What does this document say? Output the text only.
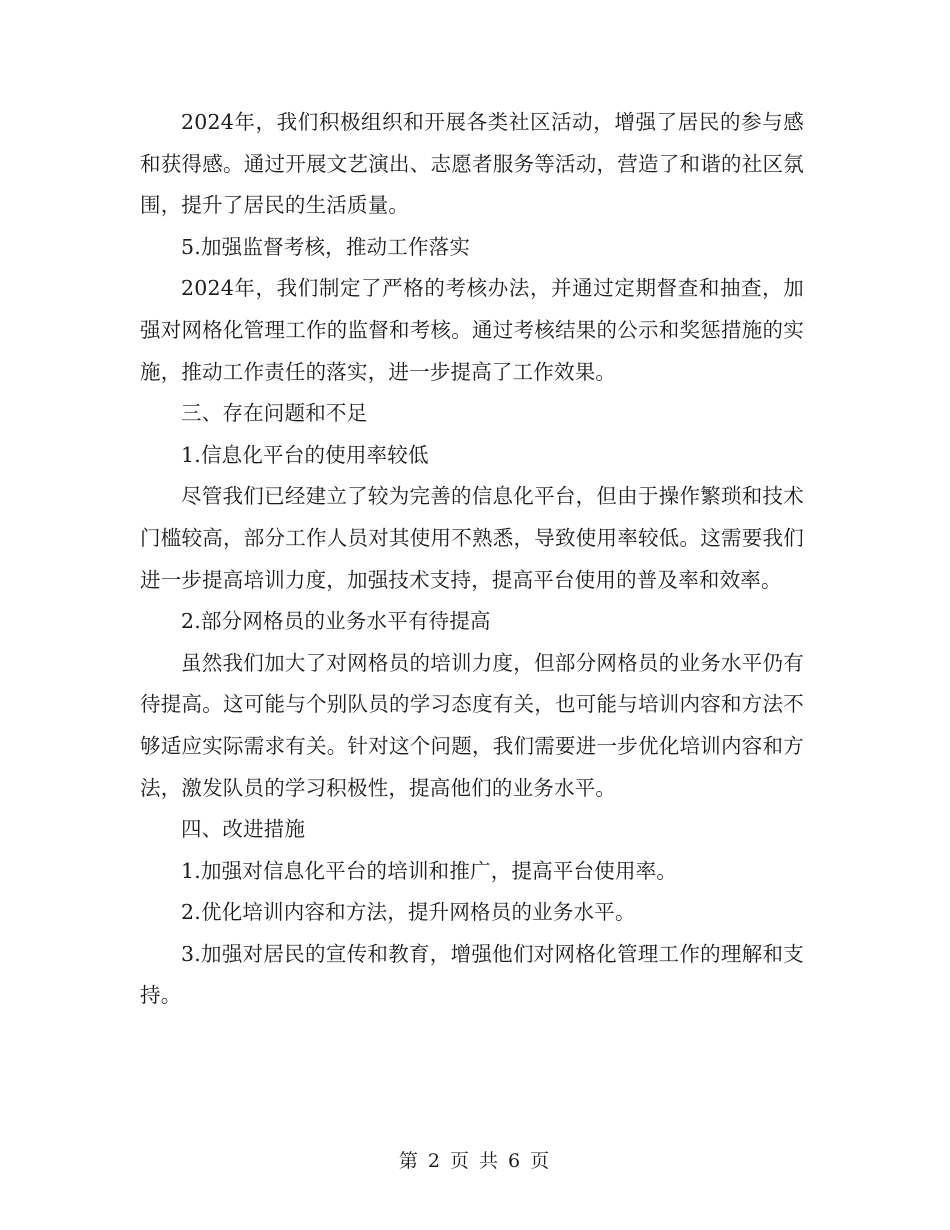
2024年，我们积极组织和开展各类社区活动，增强了居民的参与感和获得感。通过开展文艺演出、志愿者服务等活动，营造了和谐的社区氛围，提升了居民的生活质量。

5.加强监督考核，推动工作落实

2024年，我们制定了严格的考核办法，并通过定期督查和抽查，加强对网格化管理工作的监督和考核。通过考核结果的公示和奖惩措施的实施，推动工作责任的落实，进一步提高了工作效果。

三、存在问题和不足

1.信息化平台的使用率较低

尽管我们已经建立了较为完善的信息化平台，但由于操作繁琐和技术门槛较高，部分工作人员对其使用不熟悉，导致使用率较低。这需要我们进一步提高培训力度，加强技术支持，提高平台使用的普及率和效率。

2.部分网格员的业务水平有待提高

虽然我们加大了对网格员的培训力度，但部分网格员的业务水平仍有待提高。这可能与个别队员的学习态度有关，也可能与培训内容和方法不够适应实际需求有关。针对这个问题，我们需要进一步优化培训内容和方法，激发队员的学习积极性，提高他们的业务水平。

四、改进措施

1.加强对信息化平台的培训和推广，提高平台使用率。

2.优化培训内容和方法，提升网格员的业务水平。

3.加强对居民的宣传和教育，增强他们对网格化管理工作的理解和支持。

第 2 页 共 6 页
